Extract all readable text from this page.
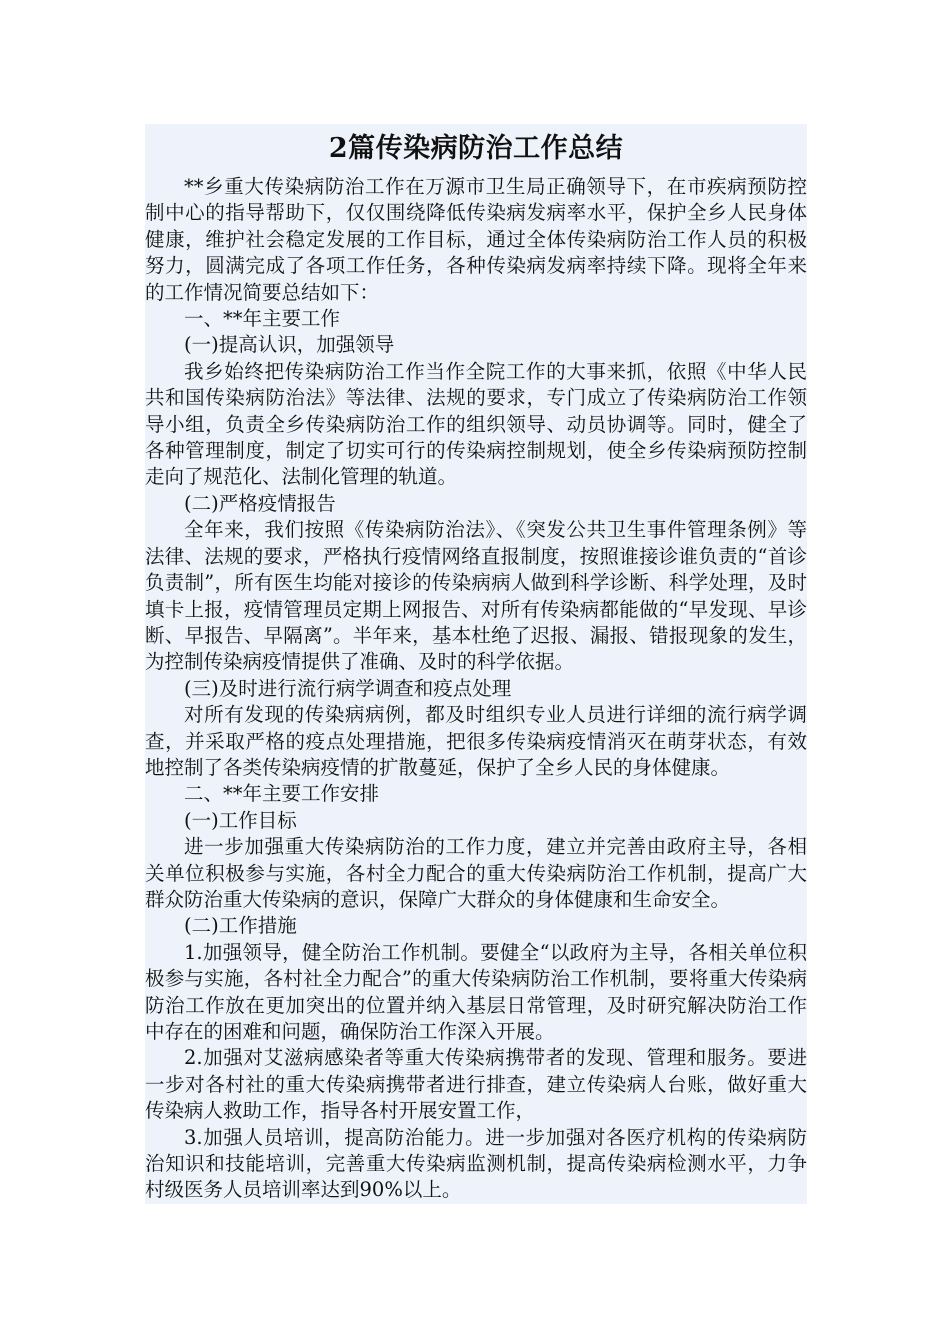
2篇传染病防治工作总结

**乡重大传染病防治工作在万源市卫生局正确领导下，在市疾病预防控制中心的指导帮助下，仅仅围绕降低传染病发病率水平，保护全乡人民身体健康，维护社会稳定发展的工作目标，通过全体传染病防治工作人员的积极努力，圆满完成了各项工作任务，各种传染病发病率持续下降。现将全年来的工作情况简要总结如下：

一、**年主要工作

(一)提高认识，加强领导

我乡始终把传染病防治工作当作全院工作的大事来抓，依照《中华人民共和国传染病防治法》等法律、法规的要求，专门成立了传染病防治工作领导小组，负责全乡传染病防治工作的组织领导、动员协调等。同时，健全了各种管理制度，制定了切实可行的传染病控制规划，使全乡传染病预防控制走向了规范化、法制化管理的轨道。

(二)严格疫情报告

全年来，我们按照《传染病防治法》、《突发公共卫生事件管理条例》等法律、法规的要求，严格执行疫情网络直报制度，按照谁接诊谁负责的“首诊负责制”，所有医生均能对接诊的传染病病人做到科学诊断、科学处理，及时填卡上报，疫情管理员定期上网报告、对所有传染病都能做的“早发现、早诊断、早报告、早隔离”。半年来，基本杜绝了迟报、漏报、错报现象的发生，为控制传染病疫情提供了准确、及时的科学依据。

(三)及时进行流行病学调查和疫点处理

对所有发现的传染病病例，都及时组织专业人员进行详细的流行病学调查，并采取严格的疫点处理措施，把很多传染病疫情消灭在萌芽状态，有效地控制了各类传染病疫情的扩散蔓延，保护了全乡人民的身体健康。

二、**年主要工作安排

(一)工作目标

进一步加强重大传染病防治的工作力度，建立并完善由政府主导，各相关单位积极参与实施，各村全力配合的重大传染病防治工作机制，提高广大群众防治重大传染病的意识，保障广大群众的身体健康和生命安全。

(二)工作措施

1.加强领导，健全防治工作机制。要健全“以政府为主导，各相关单位积极参与实施，各村社全力配合”的重大传染病防治工作机制，要将重大传染病防治工作放在更加突出的位置并纳入基层日常管理，及时研究解决防治工作中存在的困难和问题，确保防治工作深入开展。

2.加强对艾滋病感染者等重大传染病携带者的发现、管理和服务。要进一步对各村社的重大传染病携带者进行排查，建立传染病人台账，做好重大传染病人救助工作，指导各村开展安置工作，

3.加强人员培训，提高防治能力。进一步加强对各医疗机构的传染病防治知识和技能培训，完善重大传染病监测机制，提高传染病检测水平，力争村级医务人员培训率达到90%以上。
